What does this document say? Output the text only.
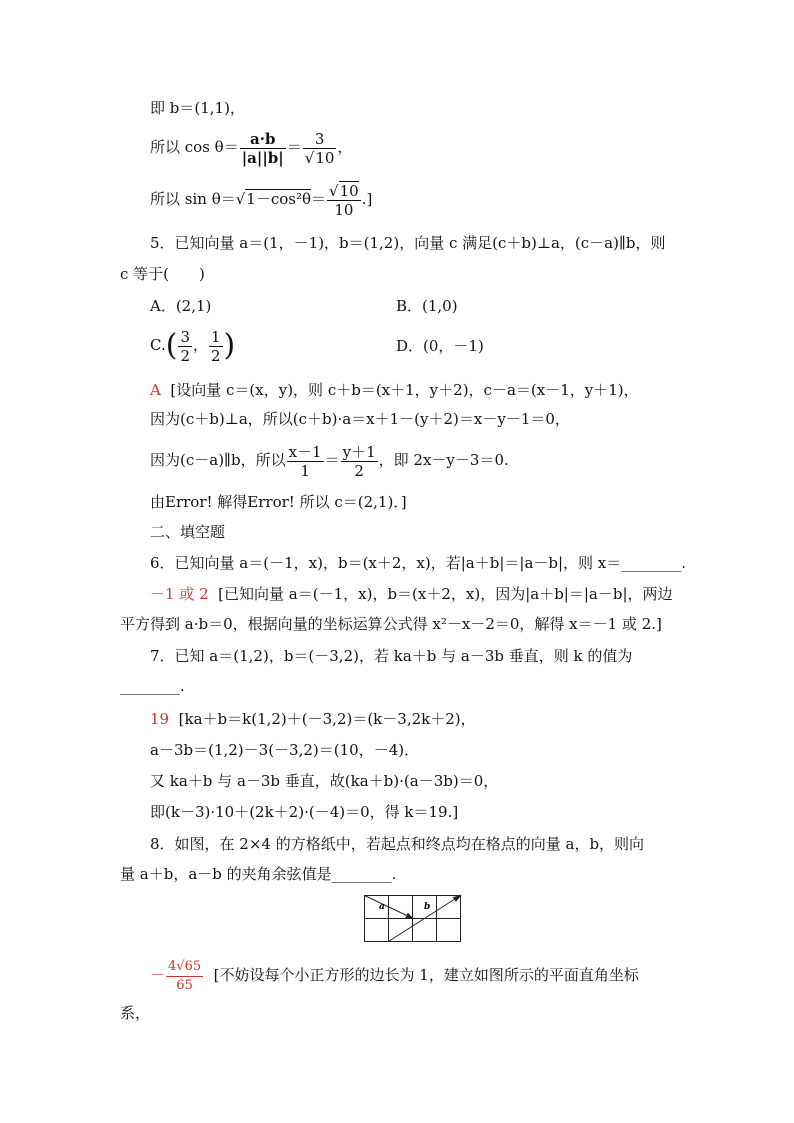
即 b＝(1,1)，
所以 $\cos \theta= \frac{a\cdot b}{|a||b|} = \frac{3}{√10}$ ，
所以 $\sin \theta=√1-\cos^2\theta= \frac{√10}{10}$ .]
5．已知向量 a＝(1，－1)，b＝(1,2)，向量 c 满足(c＋b)⊥a，(c－a)∥b，则
c 等于(　　)
A．(2,1)	B．(1,0)
$C.( \frac{3}{2}$ ， $\frac{1}{2}$ )	D．(0，－1)
A [设向量 c＝(x，y)，则 c＋b＝(x＋1，y＋2)，c－a＝(x－1，y＋1)，
因为(c＋b)⊥a，所以(c＋b)·a＝x＋1－(y＋2)＝x－y－1＝0，
因为(c－a)∥b，所以 $\frac{x-1}{1} = \frac{y+1}{2}$ ，即 2x－y－3＝0.
由Error! 解得Error! 所以 c＝(2,1)．]
二、填空题
6．已知向量 a＝(－1，x)，b＝(x＋2，x)，若|a＋b|＝|a－b|，则 x＝________.
－1 或 2 [已知向量 a＝(－1，x)，b＝(x＋2，x)，因为|a＋b|＝|a－b|，两边
平方得到 a·b＝0，根据向量的坐标运算公式得 x²－x－2＝0，解得 x＝－1 或 2.]
7．已知 a＝(1,2)，b＝(－3,2)，若 ka＋b 与 a－3b 垂直，则 k 的值为
________.
19 [ka＋b＝k(1,2)＋(－3,2)＝(k－3,2k＋2)，
a－3b＝(1,2)－3(－3,2)＝(10，－4)．
又 ka＋b 与 a－3b 垂直，故(ka＋b)·(a－3b)＝0，
即(k－3)·10＋(2k＋2)·(－4)＝0，得 k＝19.]
8．如图，在 2×4 的方格纸中，若起点和终点均在格点的向量 a，b，则向
量 a＋b，a－b 的夹角余弦值是________.
a	b
－ $\frac{4√65}{65}$ [不妨设每个小正方形的边长为 1，建立如图所示的平面直角坐标
系，
